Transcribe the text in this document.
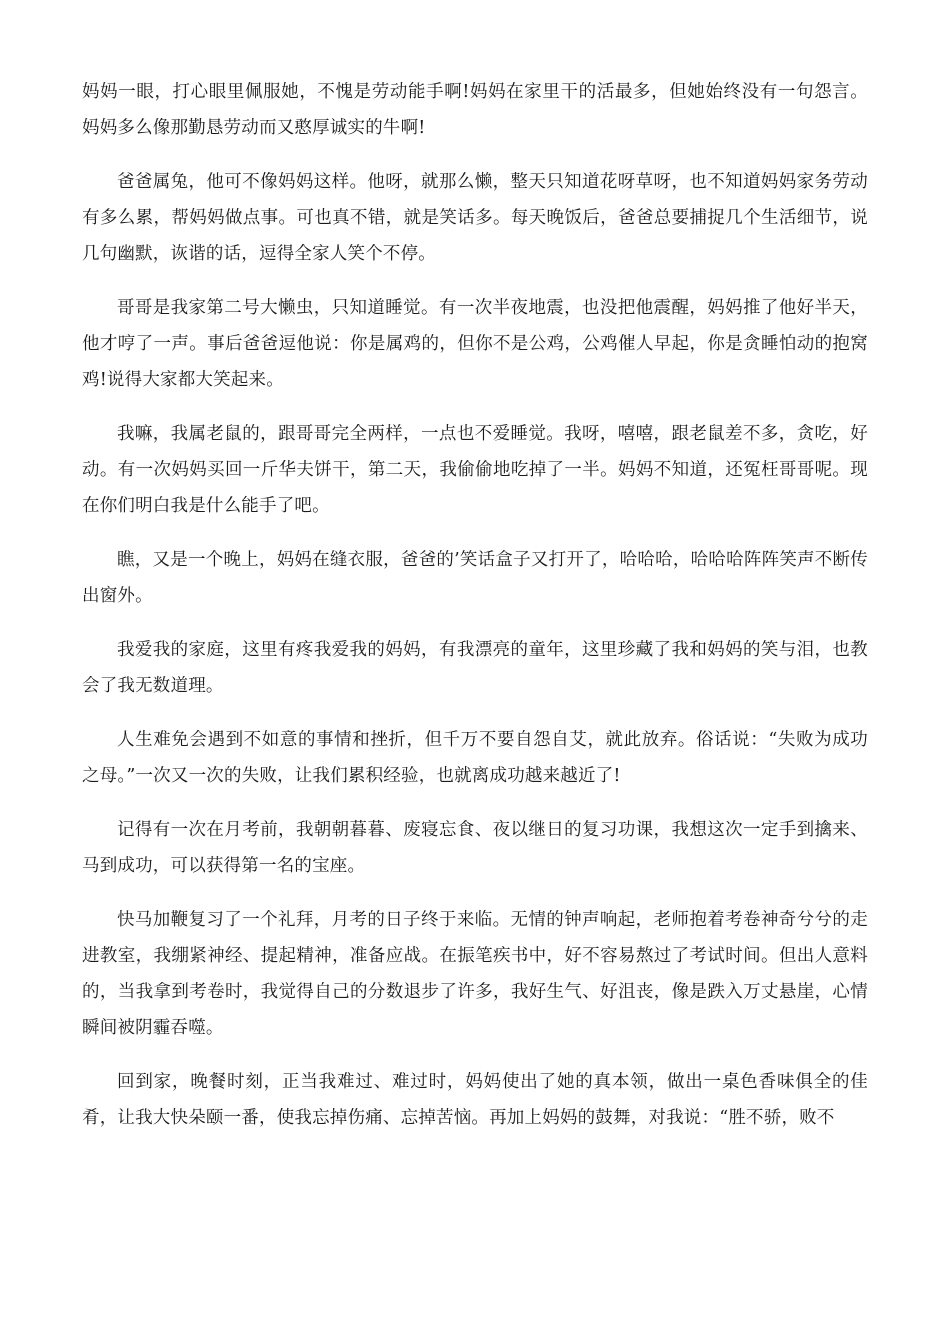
妈妈一眼，打心眼里佩服她，不愧是劳动能手啊!妈妈在家里干的活最多，但她始终没有一句怨言。妈妈多么像那勤恳劳动而又憨厚诚实的牛啊!

爸爸属兔，他可不像妈妈这样。他呀，就那么懒，整天只知道花呀草呀，也不知道妈妈家务劳动有多么累，帮妈妈做点事。可也真不错，就是笑话多。每天晚饭后，爸爸总要捕捉几个生活细节，说几句幽默，诙谐的话，逗得全家人笑个不停。

哥哥是我家第二号大懒虫，只知道睡觉。有一次半夜地震，也没把他震醒，妈妈推了他好半天，他才哼了一声。事后爸爸逗他说：你是属鸡的，但你不是公鸡，公鸡催人早起，你是贪睡怕动的抱窝鸡!说得大家都大笑起来。

我嘛，我属老鼠的，跟哥哥完全两样，一点也不爱睡觉。我呀，嘻嘻，跟老鼠差不多，贪吃，好动。有一次妈妈买回一斤华夫饼干，第二天，我偷偷地吃掉了一半。妈妈不知道，还冤枉哥哥呢。现在你们明白我是什么能手了吧。

瞧，又是一个晚上，妈妈在缝衣服，爸爸的’笑话盒子又打开了，哈哈哈，哈哈哈阵阵笑声不断传出窗外。

我爱我的家庭，这里有疼我爱我的妈妈，有我漂亮的童年，这里珍藏了我和妈妈的笑与泪，也教会了我无数道理。

人生难免会遇到不如意的事情和挫折，但千万不要自怨自艾，就此放弃。俗话说：“失败为成功之母。”一次又一次的失败，让我们累积经验，也就离成功越来越近了!

记得有一次在月考前，我朝朝暮暮、废寝忘食、夜以继日的复习功课，我想这次一定手到擒来、马到成功，可以获得第一名的宝座。

快马加鞭复习了一个礼拜，月考的日子终于来临。无情的钟声响起，老师抱着考卷神奇兮兮的走进教室，我绷紧神经、提起精神，准备应战。在振笔疾书中，好不容易熬过了考试时间。但出人意料的，当我拿到考卷时，我觉得自己的分数退步了许多，我好生气、好沮丧，像是跌入万丈悬崖，心情瞬间被阴霾吞噬。

回到家，晚餐时刻，正当我难过、难过时，妈妈使出了她的真本领，做出一桌色香味俱全的佳肴，让我大快朵颐一番，使我忘掉伤痛、忘掉苦恼。再加上妈妈的鼓舞，对我说：“胜不骄，败不
